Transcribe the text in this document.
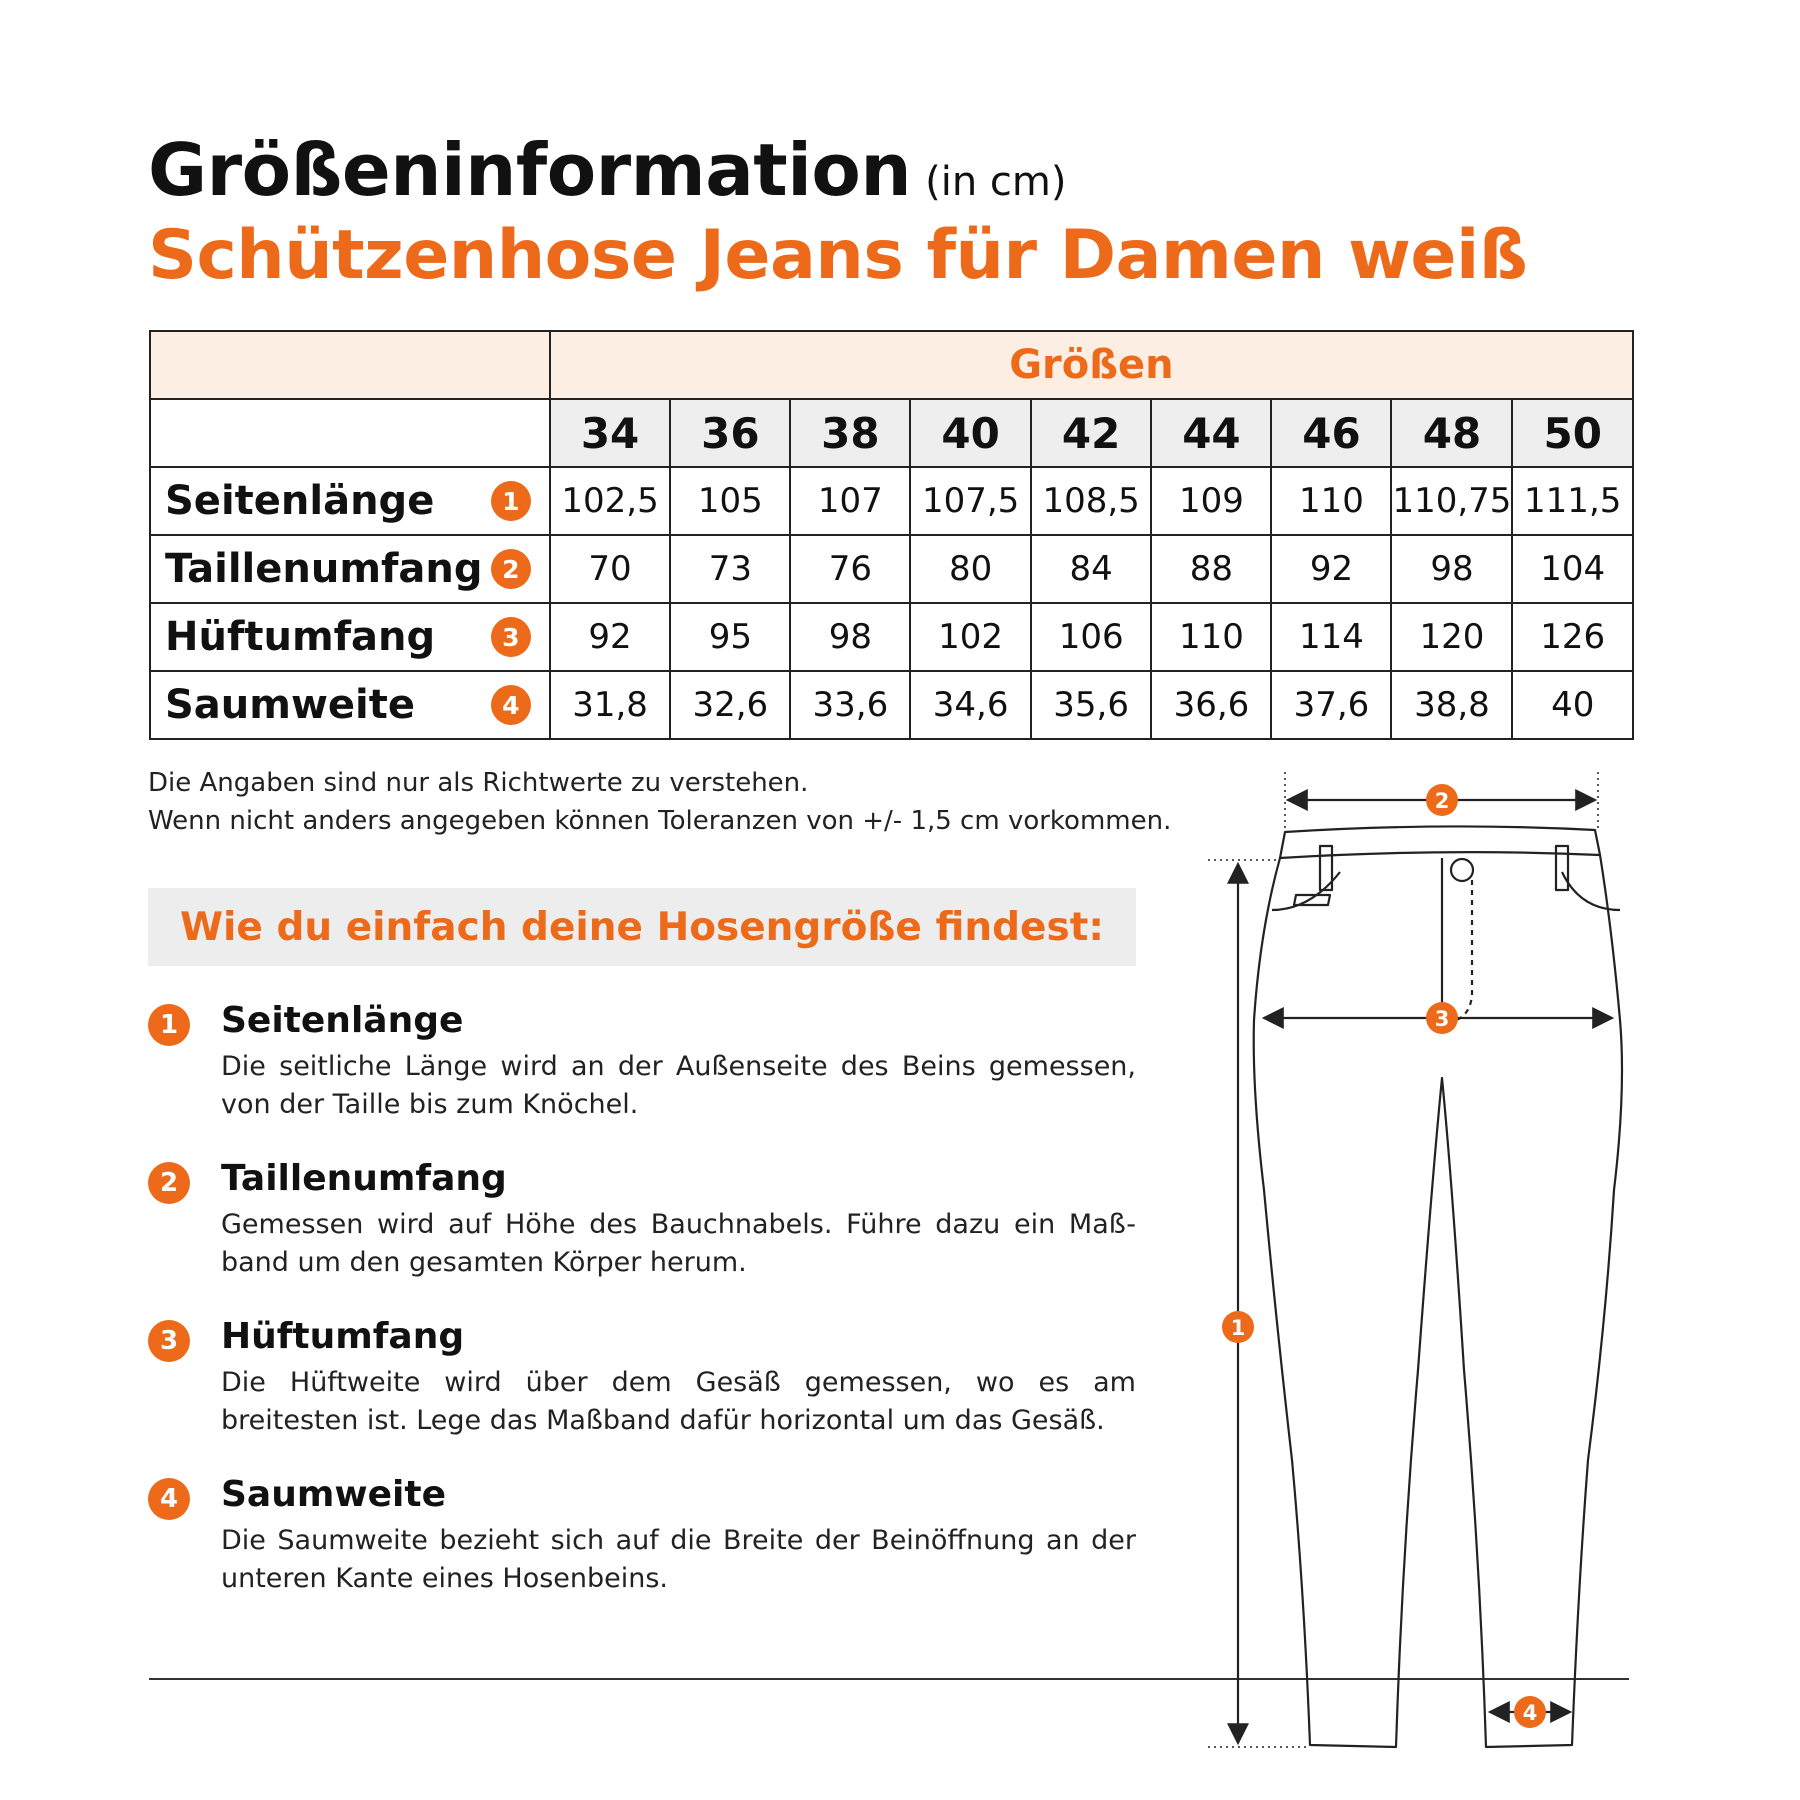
Größeninformation (in cm)
Schützenhose Jeans für Damen weiß
	Größen								
	34	36	38	40	42	44	46	48	50

Seitenlänge 1	102,5	105	107	107,5	108,5	109	110	110,75	111,5

Taillenumfang 2	70	73	76	80	84	88	92	98	104

Hüftumfang 3	92	95	98	102	106	110	114	120	126

Saumweite 4	31,8	32,6	33,6	34,6	35,6	36,6	37,6	38,8	40
Die Angaben sind nur als Richtwerte zu verstehen.
Wenn nicht anders angegeben können Toleranzen von +/- 1,5 cm vorkommen.
Wie du einfach deine Hosengröße findest:
1	Seitenlänge
Die seitliche Länge wird an der Außenseite des Beins gemessen, von der Taille bis zum Knöchel.
2	Taillenumfang
Gemessen wird auf Höhe des Bauchnabels. Führe dazu ein Maß-band um den gesamten Körper herum.
3	Hüftumfang
Die Hüftweite wird über dem Gesäß gemessen, wo es am breitesten ist. Lege das Maßband dafür horizontal um das Gesäß.
4	Saumweite
Die Saumweite bezieht sich auf die Breite der Beinöffnung an der unteren Kante eines Hosenbeins.
2
3
1
4
